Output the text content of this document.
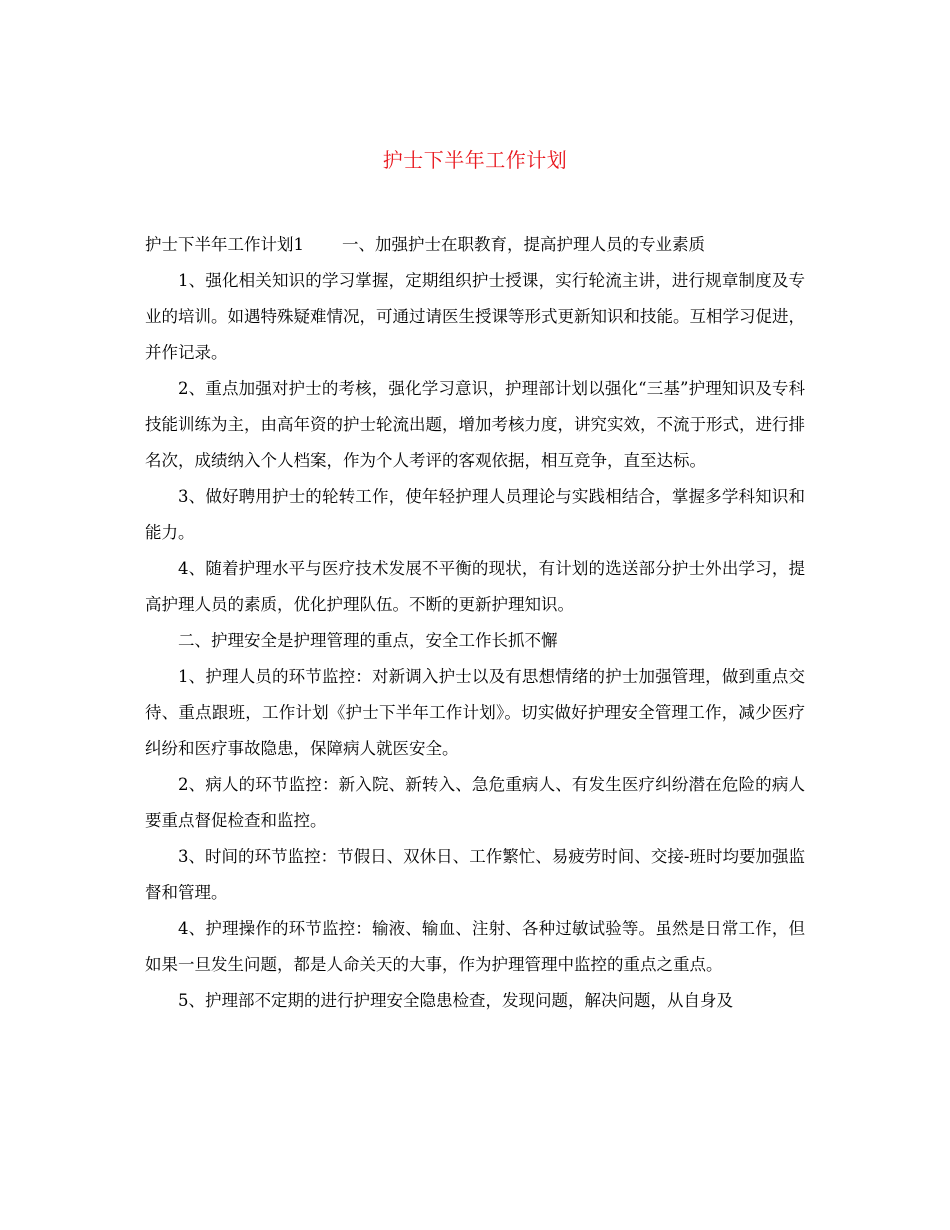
护士下半年工作计划

护士下半年工作计划1 一、加强护士在职教育，提高护理人员的专业素质

1、强化相关知识的学习掌握，定期组织护士授课，实行轮流主讲，进行规章制度及专业的培训。如遇特殊疑难情况，可通过请医生授课等形式更新知识和技能。互相学习促进，并作记录。

2、重点加强对护士的考核，强化学习意识，护理部计划以强化“三基”护理知识及专科技能训练为主，由高年资的护士轮流出题，增加考核力度，讲究实效，不流于形式，进行排名次，成绩纳入个人档案，作为个人考评的客观依据，相互竞争，直至达标。

3、做好聘用护士的轮转工作，使年轻护理人员理论与实践相结合，掌握多学科知识和能力。

4、随着护理水平与医疗技术发展不平衡的现状，有计划的选送部分护士外出学习，提高护理人员的素质，优化护理队伍。不断的更新护理知识。

二、护理安全是护理管理的重点，安全工作长抓不懈

1、护理人员的环节监控：对新调入护士以及有思想情绪的护士加强管理，做到重点交待、重点跟班，工作计划《护士下半年工作计划》。切实做好护理安全管理工作，减少医疗纠纷和医疗事故隐患，保障病人就医安全。

2、病人的环节监控：新入院、新转入、急危重病人、有发生医疗纠纷潜在危险的病人要重点督促检查和监控。

3、时间的环节监控：节假日、双休日、工作繁忙、易疲劳时间、交接-班时均要加强监督和管理。

4、护理操作的环节监控：输液、输血、注射、各种过敏试验等。虽然是日常工作，但如果一旦发生问题，都是人命关天的大事，作为护理管理中监控的重点之重点。

5、护理部不定期的进行护理安全隐患检查，发现问题，解决问题，从自身及
